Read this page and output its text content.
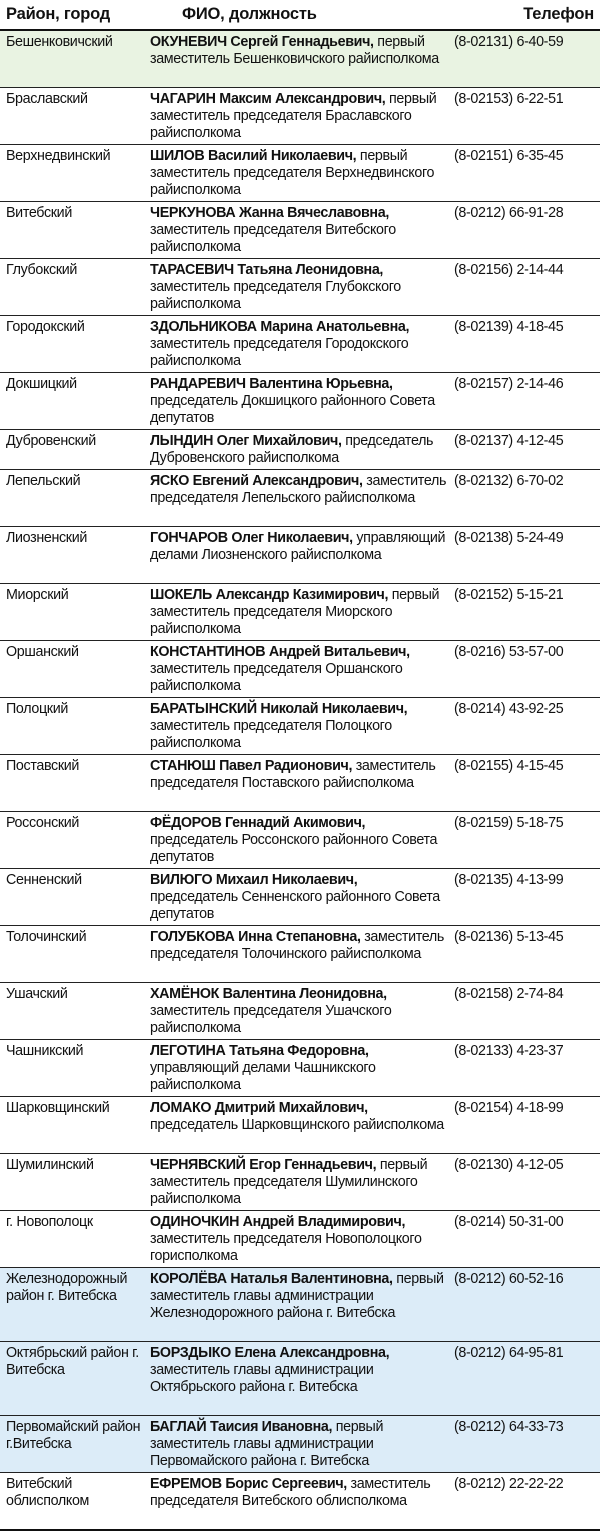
Район, город	ФИО, должность	Телефон
Бешенковичский	ОКУНЕВИЧ Сергей Геннадьевич, первый заместитель Бешенковичского райисполкома	(8-02131) 6-40-59
Браславский	ЧАГАРИН Максим Александрович, первый заместитель председателя Браславского райисполкома	(8-02153) 6-22-51
Верхнедвинский	ШИЛОВ Василий Николаевич, первый заместитель председателя Верхнедвинского райисполкома	(8-02151) 6-35-45
Витебский	ЧЕРКУНОВА Жанна Вячеславовна, заместитель председателя Витебского райисполкома	(8-0212) 66-91-28
Глубокский	ТАРАСЕВИЧ Татьяна Леонидовна, заместитель председателя Глубокского райисполкома	(8-02156) 2-14-44
Городокский	ЗДОЛЬНИКОВА Марина Анатольевна, заместитель председателя Городокского райисполкома	(8-02139) 4-18-45
Докшицкий	РАНДАРЕВИЧ Валентина Юрьевна, председатель Докшицкого районного Совета депутатов	(8-02157) 2-14-46
Дубровенский	ЛЫНДИН Олег Михайлович, председатель Дубровенского райисполкома	(8-02137) 4-12-45
Лепельский	ЯСКО Евгений Александрович, заместитель председателя Лепельского райисполкома	(8-02132) 6-70-02
Лиозненский	ГОНЧАРОВ Олег Николаевич, управляющий делами Лиозненского райисполкома	(8-02138) 5-24-49
Миорский	ШОКЕЛЬ Александр Казимирович, первый заместитель председателя Миорского райисполкома	(8-02152) 5-15-21
Оршанский	КОНСТАНТИНОВ Андрей Витальевич, заместитель председателя Оршанского райисполкома	(8-0216) 53-57-00
Полоцкий	БАРАТЫНСКИЙ Николай Николаевич, заместитель председателя Полоцкого райисполкома	(8-0214) 43-92-25
Поставский	СТАНЮШ Павел Радионович, заместитель председателя Поставского райисполкома	(8-02155) 4-15-45
Россонский	ФЁДОРОВ Геннадий Акимович, председатель Россонского районного Совета депутатов	(8-02159) 5-18-75
Сенненский	ВИЛЮГО Михаил Николаевич, председатель Сенненского районного Совета депутатов	(8-02135) 4-13-99
Толочинский	ГОЛУБКОВА Инна Степановна, заместитель председателя Толочинского райисполкома	(8-02136) 5-13-45
Ушачский	ХАМЁНОК Валентина Леонидовна, заместитель председателя Ушачского райисполкома	(8-02158) 2-74-84
Чашникский	ЛЕГОТИНА Татьяна Федоровна, управляющий делами Чашникского райисполкома	(8-02133) 4-23-37
Шарковщинский	ЛОМАКО Дмитрий Михайлович, председатель Шарковщинского райисполкома	(8-02154) 4-18-99
Шумилинский	ЧЕРНЯВСКИЙ Егор Геннадьевич, первый заместитель председателя Шумилинского райисполкома	(8-02130) 4-12-05
г. Новополоцк	ОДИНОЧКИН Андрей Владимирович, заместитель председателя Новополоцкого горисполкома	(8-0214) 50-31-00
Железнодорожный район г. Витебска	КОРОЛЁВА Наталья Валентиновна, первый заместитель главы администрации Железнодорожного района г. Витебска	(8-0212) 60-52-16
Октябрьский район г. Витебска	БОРЗДЫКО Елена Александровна, заместитель главы администрации Октябрьского района г. Витебска	(8-0212) 64-95-81
Первомайский район г.Витебска	БАГЛАЙ Таисия Ивановна, первый заместитель главы администрации Первомайского района г. Витебска	(8-0212) 64-33-73
Витебский облисполком	ЕФРЕМОВ Борис Сергеевич, заместитель председателя Витебского облисполкома	(8-0212) 22-22-22
